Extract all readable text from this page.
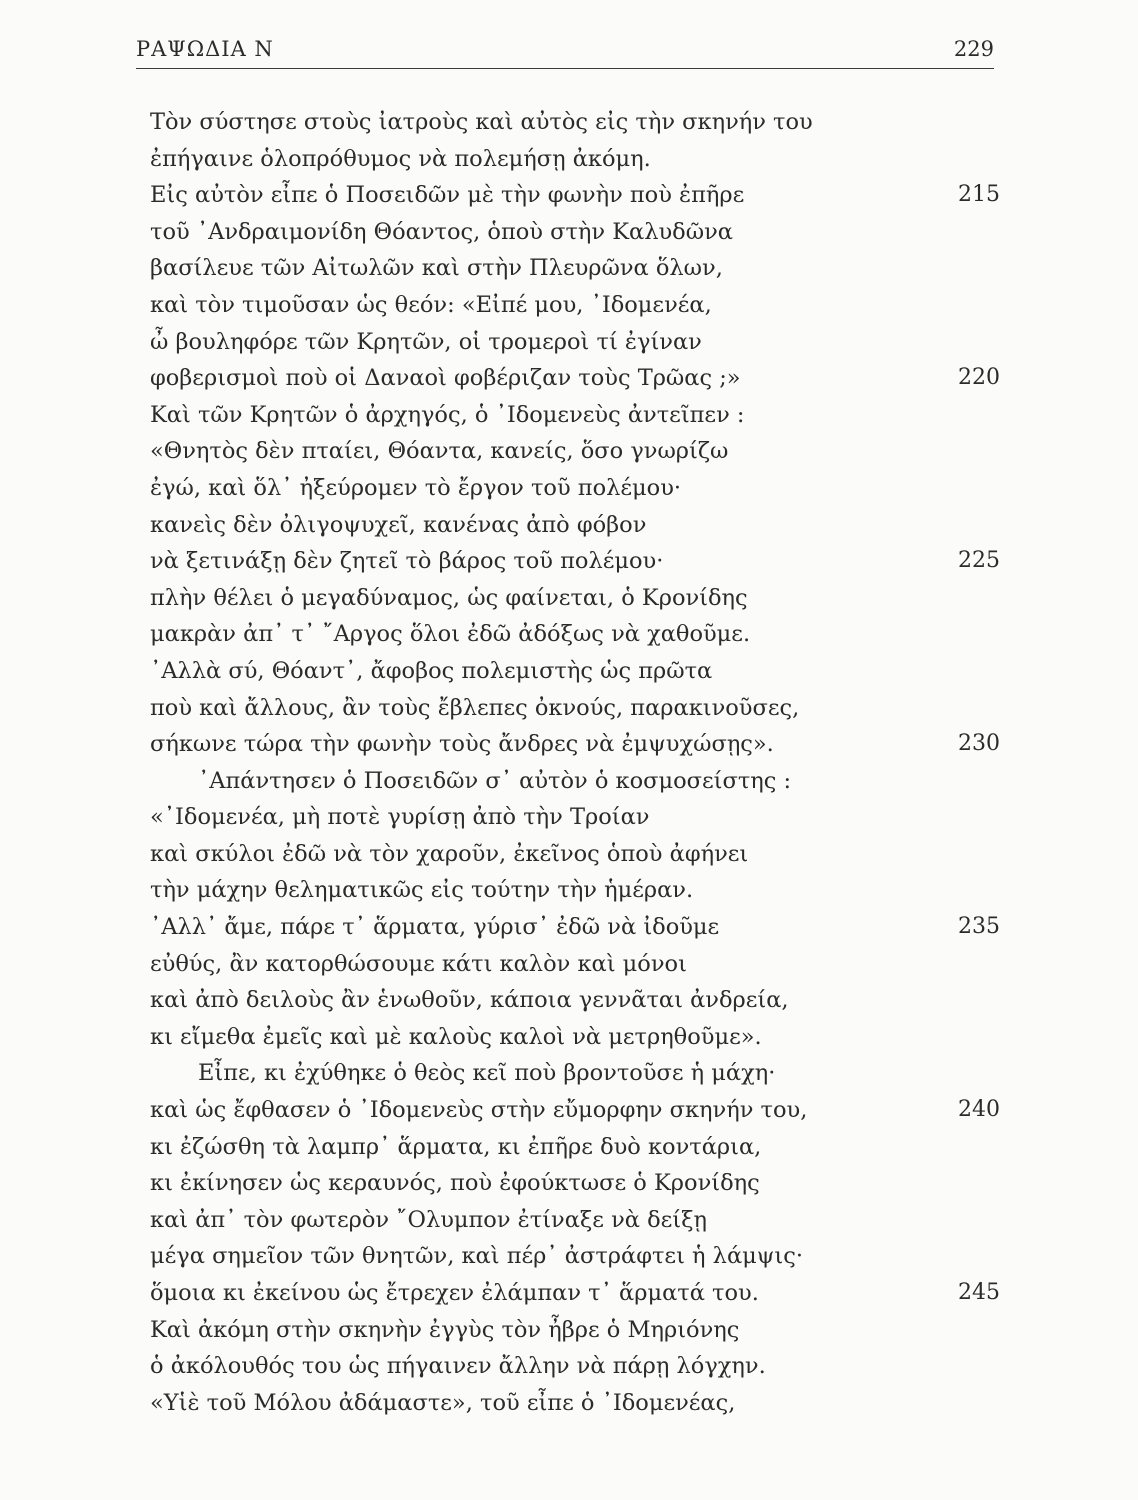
ΡΑΨΩΔΙΑ Ν	229
Τὸν σύστησε στοὺς ἰατροὺς καὶ αὐτὸς εἰς τὴν σκηνήν του
ἐπήγαινε ὁλοπρόθυμος νὰ πολεμήσῃ ἀκόμη.
Εἰς αὐτὸν εἶπε ὁ Ποσειδῶν μὲ τὴν φωνὴν ποὺ ἐπῆρε	215
τοῦ ᾿Ανδραιμονίδη Θόαντος, ὁποὺ στὴν Καλυδῶνα
βασίλευε τῶν Αἰτωλῶν καὶ στὴν Πλευρῶνα ὅλων,
καὶ τὸν τιμοῦσαν ὡς θεόν: «Εἰπέ μου, ᾿Ιδομενέα,
ὦ βουληφόρε τῶν Κρητῶν, οἱ τρομεροὶ τί ἐγίναν
φοβερισμοὶ ποὺ οἱ Δαναοὶ φοβέριζαν τοὺς Τρῶας ;»	220
Καὶ τῶν Κρητῶν ὁ ἀρχηγός, ὁ ᾿Ιδομενεὺς ἀντεῖπεν :
«Θνητὸς δὲν πταίει, Θόαντα, κανείς, ὅσο γνωρίζω
ἐγώ, καὶ ὅλ᾿ ἠξεύρομεν τὸ ἔργον τοῦ πολέμου·
κανεὶς δὲν ὀλιγοψυχεῖ, κανένας ἀπὸ φόβον
νὰ ξετινάξῃ δὲν ζητεῖ τὸ βάρος τοῦ πολέμου·	225
πλὴν θέλει ὁ μεγαδύναμος, ὡς φαίνεται, ὁ Κρονίδης
μακρὰν ἀπ᾿ τ᾿ ῎Αργος ὅλοι ἐδῶ ἀδόξως νὰ χαθοῦμε.
᾿Αλλὰ σύ, Θόαντ᾿, ἄφοβος πολεμιστὴς ὡς πρῶτα
ποὺ καὶ ἄλλους, ἂν τοὺς ἔβλεπες ὀκνούς, παρακινοῦσες,
σήκωνε τώρα τὴν φωνὴν τοὺς ἄνδρες νὰ ἐμψυχώσῃς».	230
᾿Απάντησεν ὁ Ποσειδῶν σ᾿ αὐτὸν ὁ κοσμοσείστης :
«᾿Ιδομενέα, μὴ ποτὲ γυρίσῃ ἀπὸ τὴν Τροίαν
καὶ σκύλοι ἐδῶ νὰ τὸν χαροῦν, ἐκεῖνος ὁποὺ ἀφήνει
τὴν μάχην θεληματικῶς εἰς τούτην τὴν ἡμέραν.
᾿Αλλ᾿ ἄμε, πάρε τ᾿ ἅρματα, γύρισ᾿ ἐδῶ νὰ ἰδοῦμε	235
εὐθύς, ἂν κατορθώσουμε κάτι καλὸν καὶ μόνοι
καὶ ἀπὸ δειλοὺς ἂν ἑνωθοῦν, κάποια γεννᾶται ἀνδρεία,
κι εἴμεθα ἐμεῖς καὶ μὲ καλοὺς καλοὶ νὰ μετρηθοῦμε».
Εἶπε, κι ἐχύθηκε ὁ θεὸς κεῖ ποὺ βροντοῦσε ἡ μάχη·
καὶ ὡς ἔφθασεν ὁ ᾿Ιδομενεὺς στὴν εὔμορφην σκηνήν του,	240
κι ἐζώσθη τὰ λαμπρ᾿ ἅρματα, κι ἐπῆρε δυὸ κοντάρια,
κι ἐκίνησεν ὡς κεραυνός, ποὺ ἐφούκτωσε ὁ Κρονίδης
καὶ ἀπ᾿ τὸν φωτερὸν ῎Ολυμπον ἐτίναξε νὰ δείξῃ
μέγα σημεῖον τῶν θνητῶν, καὶ πέρ᾿ ἀστράφτει ἡ λάμψις·
ὅμοια κι ἐκείνου ὡς ἔτρεχεν ἐλάμπαν τ᾿ ἅρματά του.	245
Καὶ ἀκόμη στὴν σκηνὴν ἐγγὺς τὸν ἦβρε ὁ Μηριόνης
ὁ ἀκόλουθός του ὡς πήγαινεν ἄλλην νὰ πάρῃ λόγχην.
«Υἱὲ τοῦ Μόλου ἀδάμαστε», τοῦ εἶπε ὁ ᾿Ιδομενέας,
